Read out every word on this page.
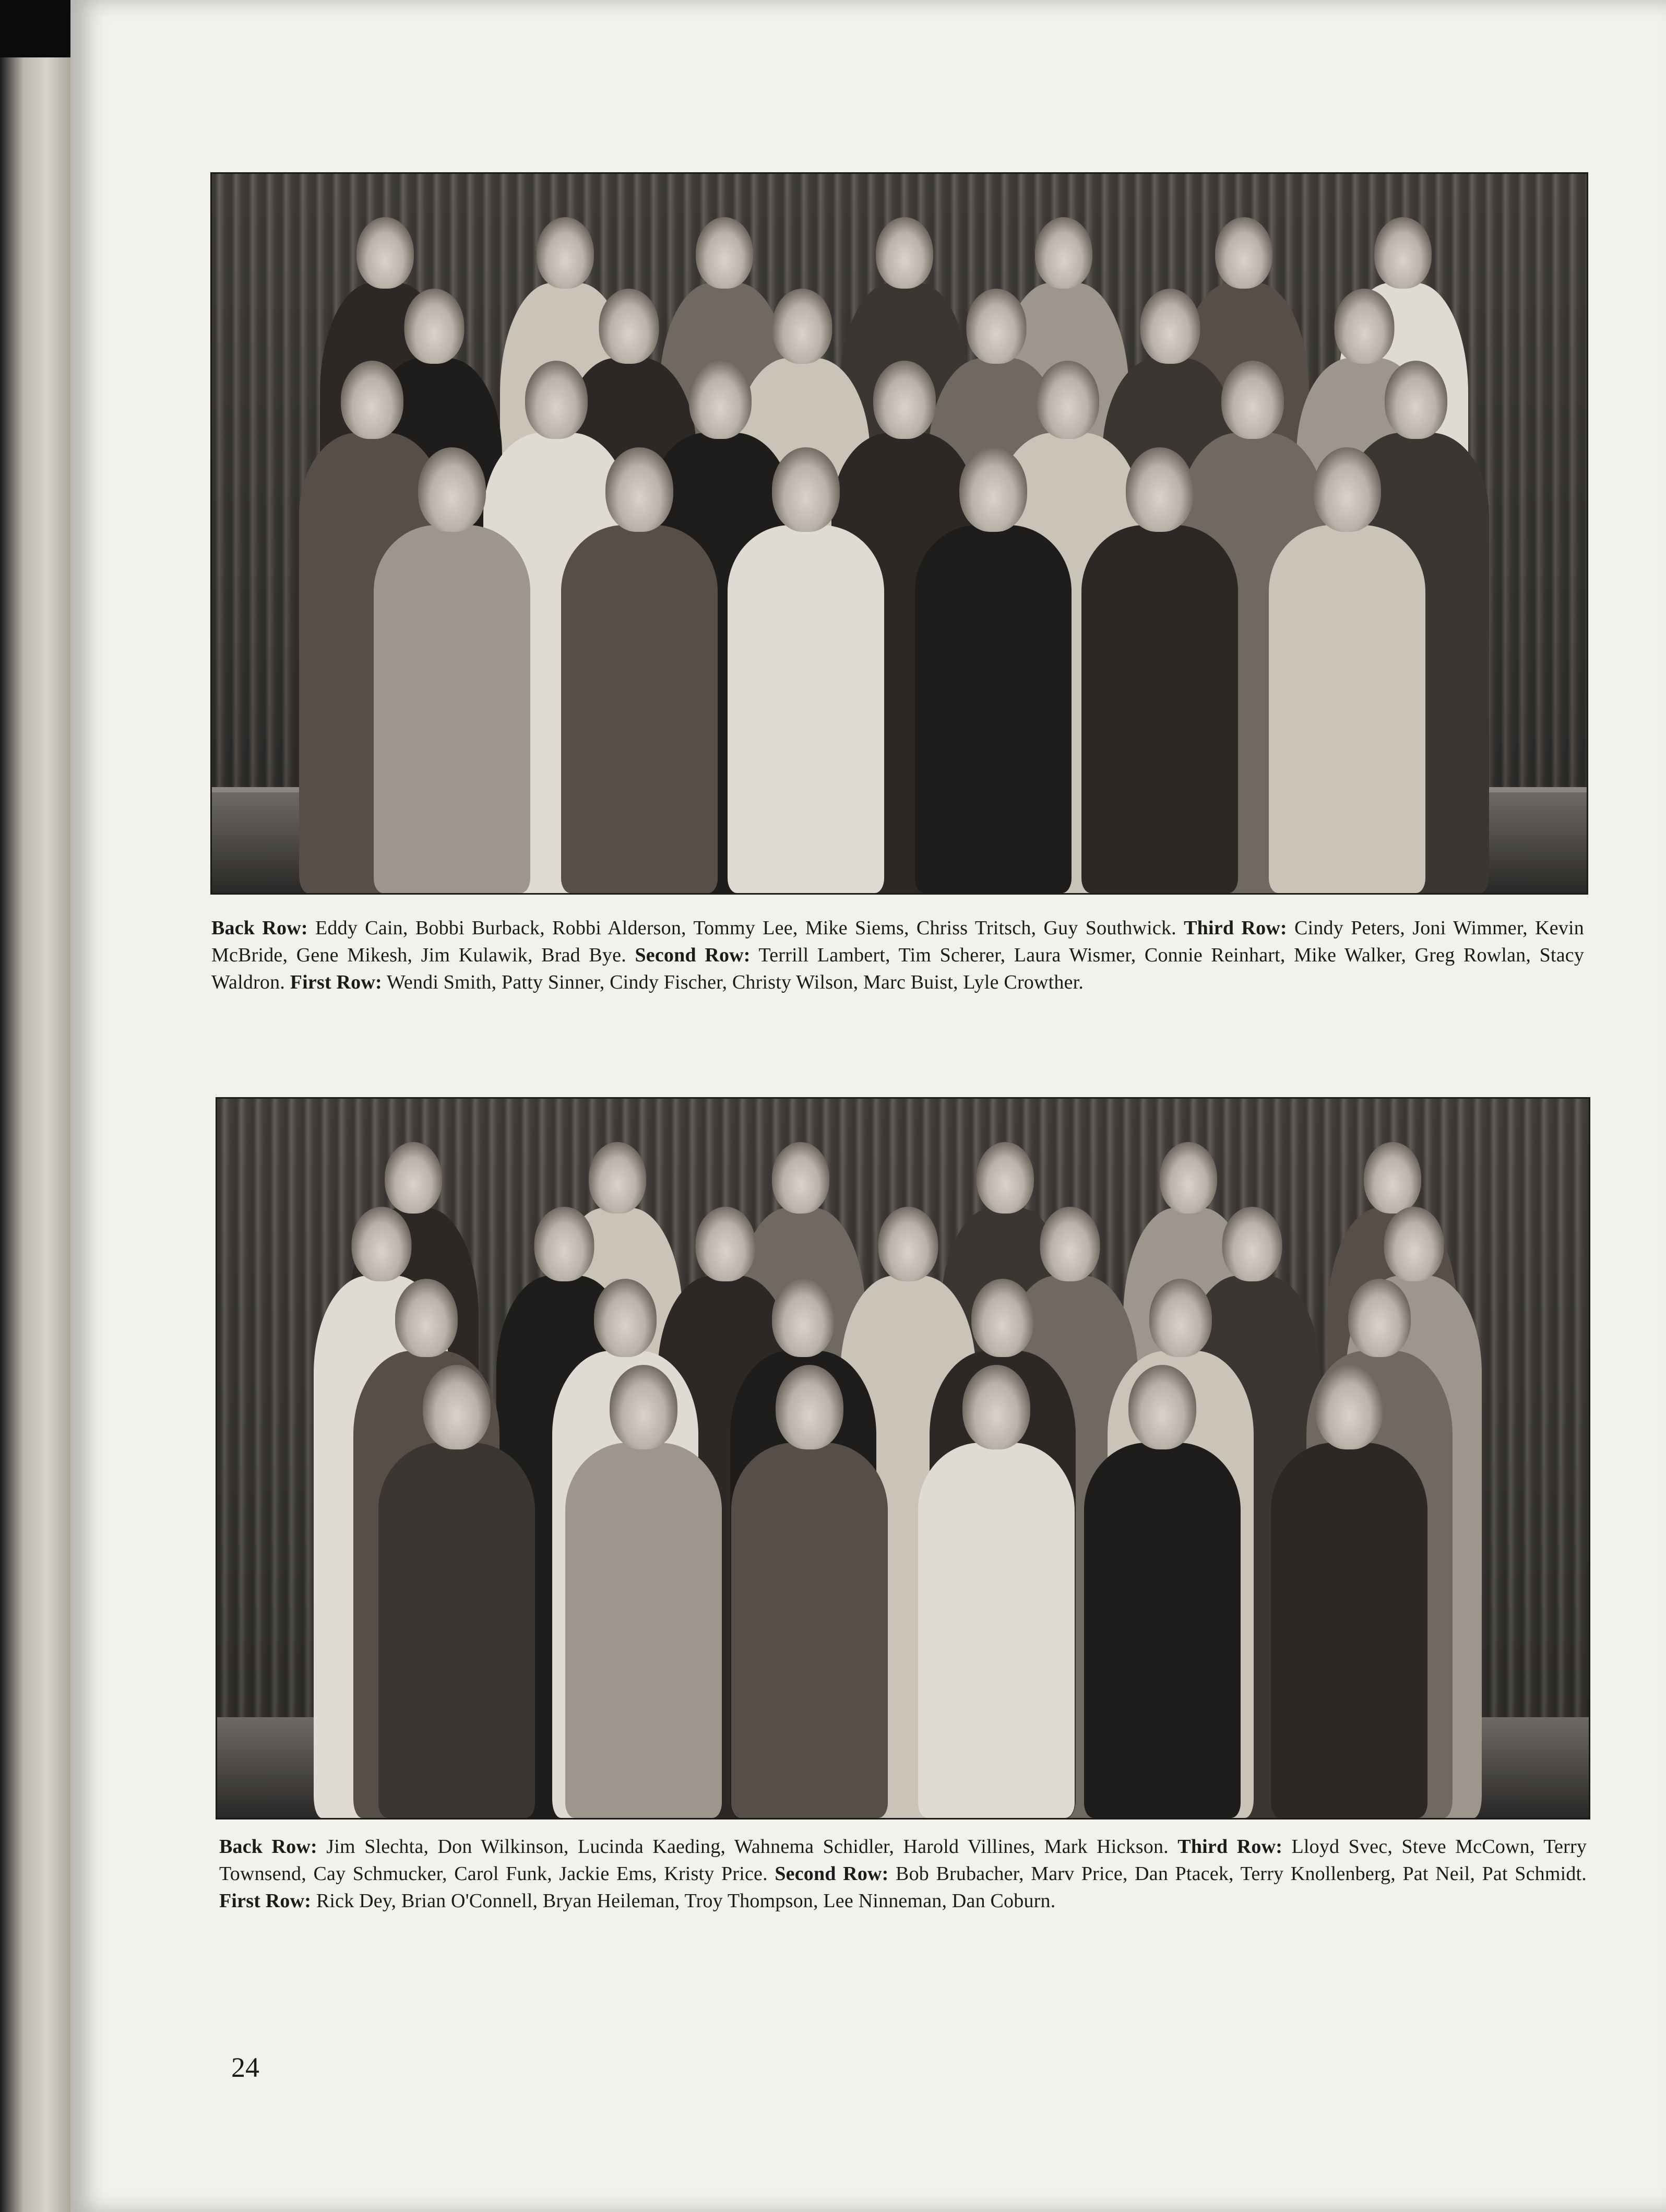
Back Row: Eddy Cain, Bobbi Burback, Robbi Alderson, Tommy Lee, Mike Siems, Chriss Tritsch, Guy Southwick. Third Row: Cindy Peters, Joni Wimmer, Kevin McBride, Gene Mikesh, Jim Kulawik, Brad Bye. Second Row: Terrill Lambert, Tim Scherer, Laura Wismer, Connie Reinhart, Mike Walker, Greg Rowlan, Stacy Waldron. First Row: Wendi Smith, Patty Sinner, Cindy Fischer, Christy Wilson, Marc Buist, Lyle Crowther.
Back Row: Jim Slechta, Don Wilkinson, Lucinda Kaeding, Wahnema Schidler, Harold Villines, Mark Hickson. Third Row: Lloyd Svec, Steve McCown, Terry Townsend, Cay Schmucker, Carol Funk, Jackie Ems, Kristy Price. Second Row: Bob Brubacher, Marv Price, Dan Ptacek, Terry Knollenberg, Pat Neil, Pat Schmidt. First Row: Rick Dey, Brian O'Connell, Bryan Heileman, Troy Thompson, Lee Ninneman, Dan Coburn.
24
